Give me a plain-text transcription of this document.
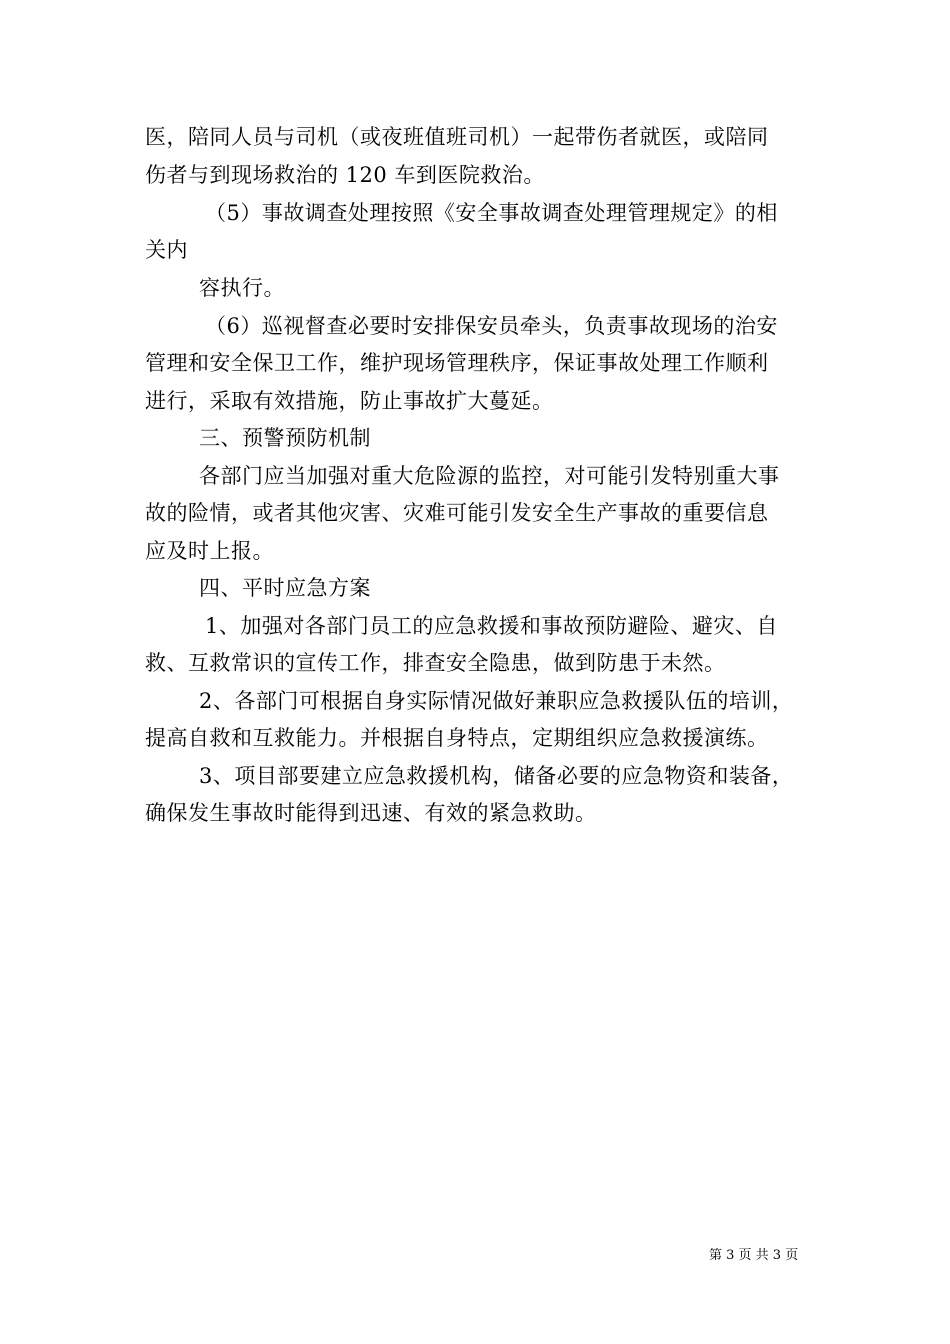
医，陪同人员与司机（或夜班值班司机）一起带伤者就医，或陪同
伤者与到现场救治的 120 车到医院救治。
（5）事故调查处理按照《安全事故调查处理管理规定》的相
关内
容执行。
（6）巡视督查必要时安排保安员牵头，负责事故现场的治安
管理和安全保卫工作，维护现场管理秩序，保证事故处理工作顺利
进行，采取有效措施，防止事故扩大蔓延。
三、预警预防机制
各部门应当加强对重大危险源的监控，对可能引发特别重大事
故的险情，或者其他灾害、灾难可能引发安全生产事故的重要信息
应及时上报。
四、平时应急方案
1、加强对各部门员工的应急救援和事故预防避险、避灾、自
救、互救常识的宣传工作，排查安全隐患，做到防患于未然。
2、各部门可根据自身实际情况做好兼职应急救援队伍的培训，
提高自救和互救能力。并根据自身特点，定期组织应急救援演练。
3、项目部要建立应急救援机构，储备必要的应急物资和装备，
确保发生事故时能得到迅速、有效的紧急救助。
第 3 页 共 3 页
